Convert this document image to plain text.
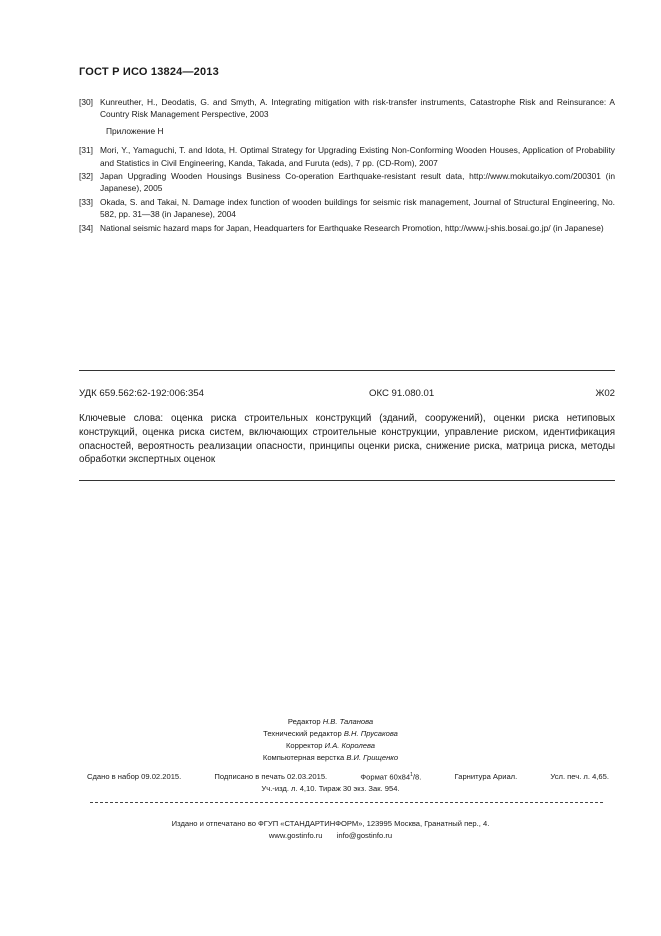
ГОСТ Р ИСО 13824—2013
[30] Kunreuther, H., Deodatis, G. and Smyth, A. Integrating mitigation with risk-transfer instruments, Catastrophe Risk and Reinsurance: A Country Risk Management Perspective, 2003
Приложение Н
[31] Mori, Y., Yamaguchi, T. and Idota, H. Optimal Strategy for Upgrading Existing Non-Conforming Wooden Houses, Application of Probability and Statistics in Civil Engineering, Kanda, Takada, and Furuta (eds), 7 pp. (CD-Rom), 2007
[32] Japan Upgrading Wooden Housings Business Co-operation Earthquake-resistant result data, http://www.mokutaikyo.com/200301 (in Japanese), 2005
[33] Okada, S. and Takai, N. Damage index function of wooden buildings for seismic risk management, Journal of Structural Engineering, No. 582, pp. 31—38 (in Japanese), 2004
[34] National seismic hazard maps for Japan, Headquarters for Earthquake Research Promotion, http://www.j-shis.bosai.go.jp/ (in Japanese)
УДК 659.562:62-192:006:354	ОКС 91.080.01	Ж02
Ключевые слова: оценка риска строительных конструкций (зданий, сооружений), оценки риска нетиповых конструкций, оценка риска систем, включающих строительные конструкции, управление риском, идентификация опасностей, вероятность реализации опасности, принципы оценки риска, снижение риска, матрица риска, методы обработки экспертных оценок
Редактор Н.В. Таланова
Технический редактор В.Н. Прусакова
Корректор И.А. Королева
Компьютерная верстка В.И. Грищенко
Сдано в набор 09.02.2015.	Подписано в печать 02.03.2015.	Формат $60x84^1/8$.	Гарнитура Ариал.	Усл. печ. л. 4,65.
Уч.-изд. л. 4,10. Тираж 30 экз. Зак. 954.
Издано и отпечатано во ФГУП «СТАНДАРТИНФОРМ», 123995 Москва, Гранатный пер., 4.
www.gostinfo.ru info@gostinfo.ru
